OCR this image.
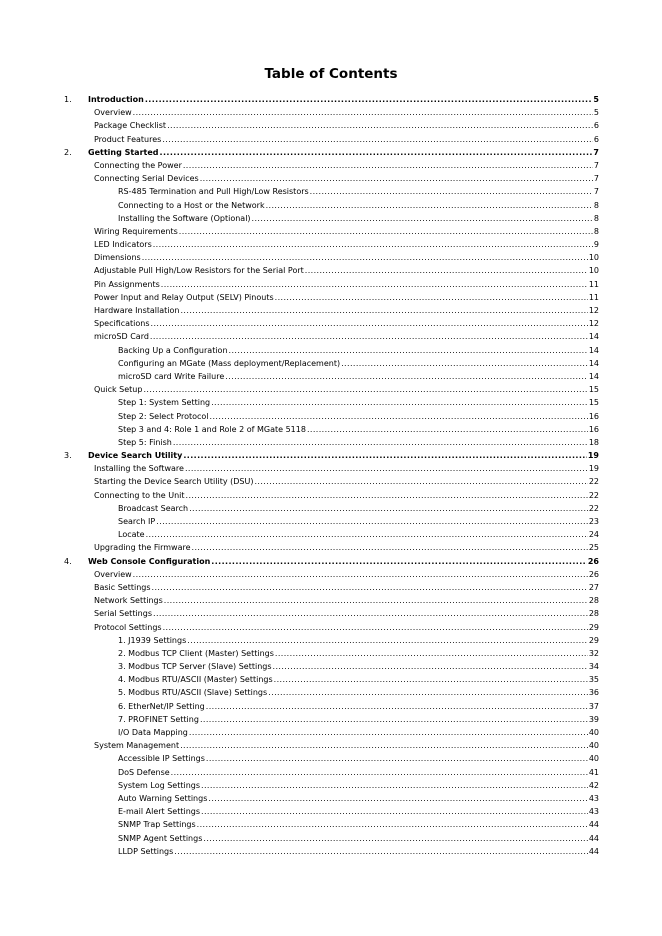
Table of Contents
1. Introduction .....	5
Overview .....	5
Package Checklist .....	6
Product Features .....	6
2. Getting Started .....	7
Connecting the Power .....	7
Connecting Serial Devices .....	7
RS-485 Termination and Pull High/Low Resistors .....	7
Connecting to a Host or the Network .....	8
Installing the Software (Optional) .....	8
Wiring Requirements .....	8
LED Indicators .....	9
Dimensions .....	10
Adjustable Pull High/Low Resistors for the Serial Port .....	10
Pin Assignments .....	11
Power Input and Relay Output (SELV) Pinouts .....	11
Hardware Installation .....	12
Specifications .....	12
microSD Card .....	14
Backing Up a Configuration .....	14
Configuring an MGate (Mass deployment/Replacement) .....	14
microSD card Write Failure .....	14
Quick Setup .....	15
Step 1: System Setting .....	15
Step 2: Select Protocol .....	16
Step 3 and 4: Role 1 and Role 2 of MGate 5118 .....	16
Step 5: Finish .....	18
3. Device Search Utility .....	19
Installing the Software .....	19
Starting the Device Search Utility (DSU) .....	22
Connecting to the Unit .....	22
Broadcast Search .....	22
Search IP .....	23
Locate .....	24
Upgrading the Firmware .....	25
4. Web Console Configuration .....	26
Overview .....	26
Basic Settings .....	27
Network Settings .....	28
Serial Settings .....	28
Protocol Settings .....	29
1. J1939 Settings .....	29
2. Modbus TCP Client (Master) Settings .....	32
3. Modbus TCP Server (Slave) Settings .....	34
4. Modbus RTU/ASCII (Master) Settings .....	35
5. Modbus RTU/ASCII (Slave) Settings .....	36
6. EtherNet/IP Setting .....	37
7. PROFINET Setting .....	39
I/O Data Mapping .....	40
System Management .....	40
Accessible IP Settings .....	40
DoS Defense .....	41
System Log Settings .....	42
Auto Warning Settings .....	43
E-mail Alert Settings .....	43
SNMP Trap Settings .....	44
SNMP Agent Settings .....	44
LLDP Settings .....	44
